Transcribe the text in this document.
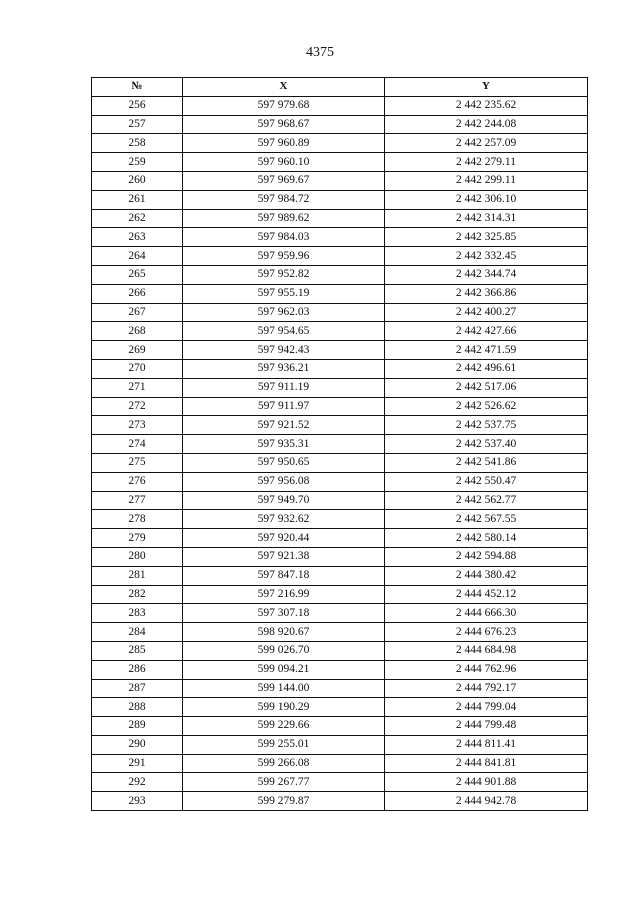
4375
№	X	Y
256	597 979.68	2 442 235.62
257	597 968.67	2 442 244.08
258	597 960.89	2 442 257.09
259	597 960.10	2 442 279.11
260	597 969.67	2 442 299.11
261	597 984.72	2 442 306.10
262	597 989.62	2 442 314.31
263	597 984.03	2 442 325.85
264	597 959.96	2 442 332.45
265	597 952.82	2 442 344.74
266	597 955.19	2 442 366.86
267	597 962.03	2 442 400.27
268	597 954.65	2 442 427.66
269	597 942.43	2 442 471.59
270	597 936.21	2 442 496.61
271	597 911.19	2 442 517.06
272	597 911.97	2 442 526.62
273	597 921.52	2 442 537.75
274	597 935.31	2 442 537.40
275	597 950.65	2 442 541.86
276	597 956.08	2 442 550.47
277	597 949.70	2 442 562.77
278	597 932.62	2 442 567.55
279	597 920.44	2 442 580.14
280	597 921.38	2 442 594.88
281	597 847.18	2 444 380.42
282	597 216.99	2 444 452.12
283	597 307.18	2 444 666.30
284	598 920.67	2 444 676.23
285	599 026.70	2 444 684.98
286	599 094.21	2 444 762.96
287	599 144.00	2 444 792.17
288	599 190.29	2 444 799.04
289	599 229.66	2 444 799.48
290	599 255.01	2 444 811.41
291	599 266.08	2 444 841.81
292	599 267.77	2 444 901.88
293	599 279.87	2 444 942.78
